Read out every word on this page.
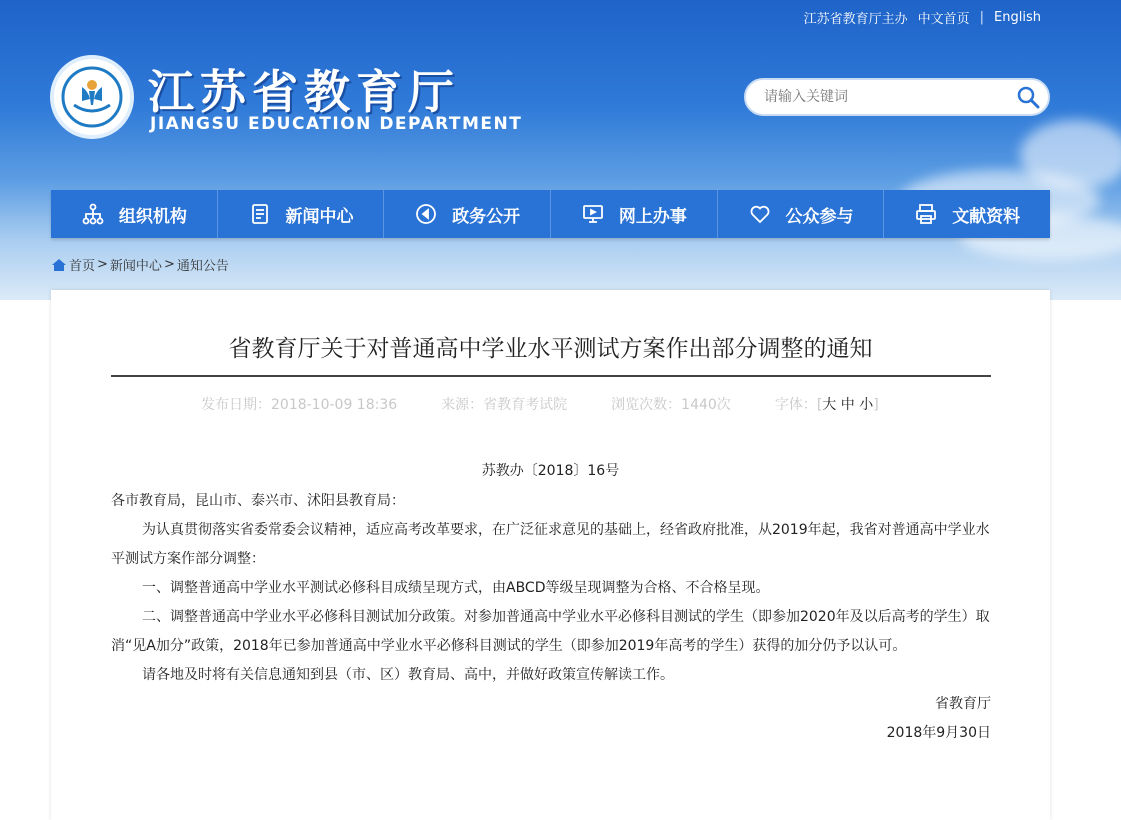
江苏省教育厅主办 中文首页 | English
江苏省教育厅
JIANGSU EDUCATION DEPARTMENT
请输入关键词
组织机构	新闻中心	政务公开	网上办事	公众参与	文献资料
首页 > 新闻中心 > 通知公告
省教育厅关于对普通高中学业水平测试方案作出部分调整的通知
发布日期：2018-10-09 18:36	来源：省教育考试院	浏览次数：1440次	字体：[大 中 小]
苏教办〔2018〕16号

各市教育局，昆山市、泰兴市、沭阳县教育局：

为认真贯彻落实省委常委会议精神，适应高考改革要求，在广泛征求意见的基础上，经省政府批准，从2019年起，我省对普通高中学业水平测试方案作部分调整：

一、调整普通高中学业水平测试必修科目成绩呈现方式，由ABCD等级呈现调整为合格、不合格呈现。

二、调整普通高中学业水平必修科目测试加分政策。对参加普通高中学业水平必修科目测试的学生（即参加2020年及以后高考的学生）取消“见A加分”政策，2018年已参加普通高中学业水平必修科目测试的学生（即参加2019年高考的学生）获得的加分仍予以认可。

请各地及时将有关信息通知到县（市、区）教育局、高中，并做好政策宣传解读工作。

省教育厅

2018年9月30日
